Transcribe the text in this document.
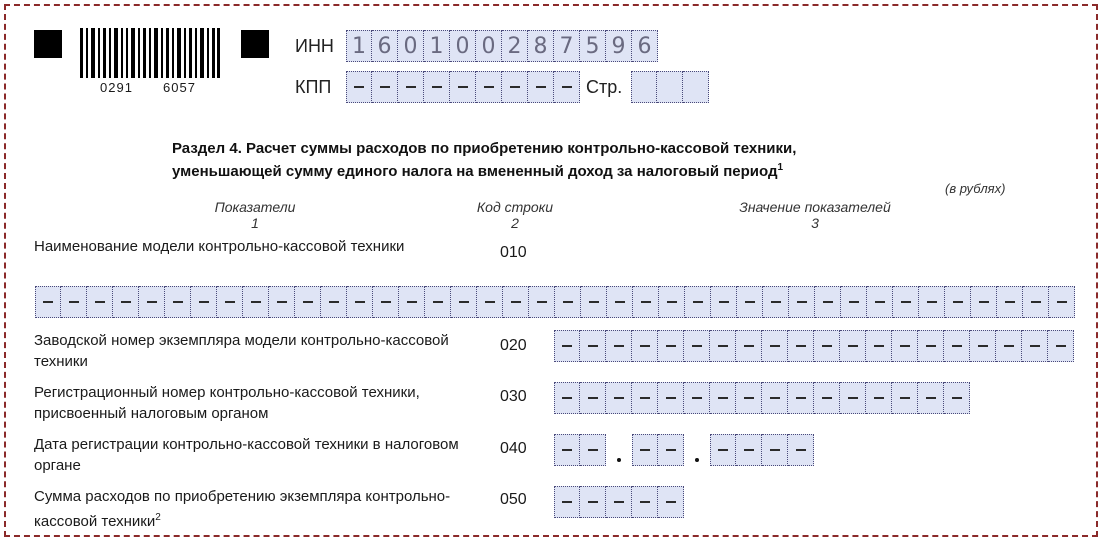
0291 6057
ИНН 1 6 0 1 0 0 2 8 7 5 9 6
КПП	Стр.
Раздел 4. Расчет суммы расходов по приобретению контрольно-кассовой техники,
уменьшающей сумму единого налога на вмененный доход за налоговый период$^1$
(в рублях)
Показатели
1
Код строки
2
Значение показателей
3
Наименование модели контрольно-кассовой техники	010
Заводской номер экземпляра модели контрольно-кассовой техники
020
Регистрационный номер контрольно-кассовой техники, присвоенный налоговым органом
030
Дата регистрации контрольно-кассовой техники в налоговом органе
040
Сумма расходов по приобретению экземпляра контрольно-кассовой техники$^2$
050
